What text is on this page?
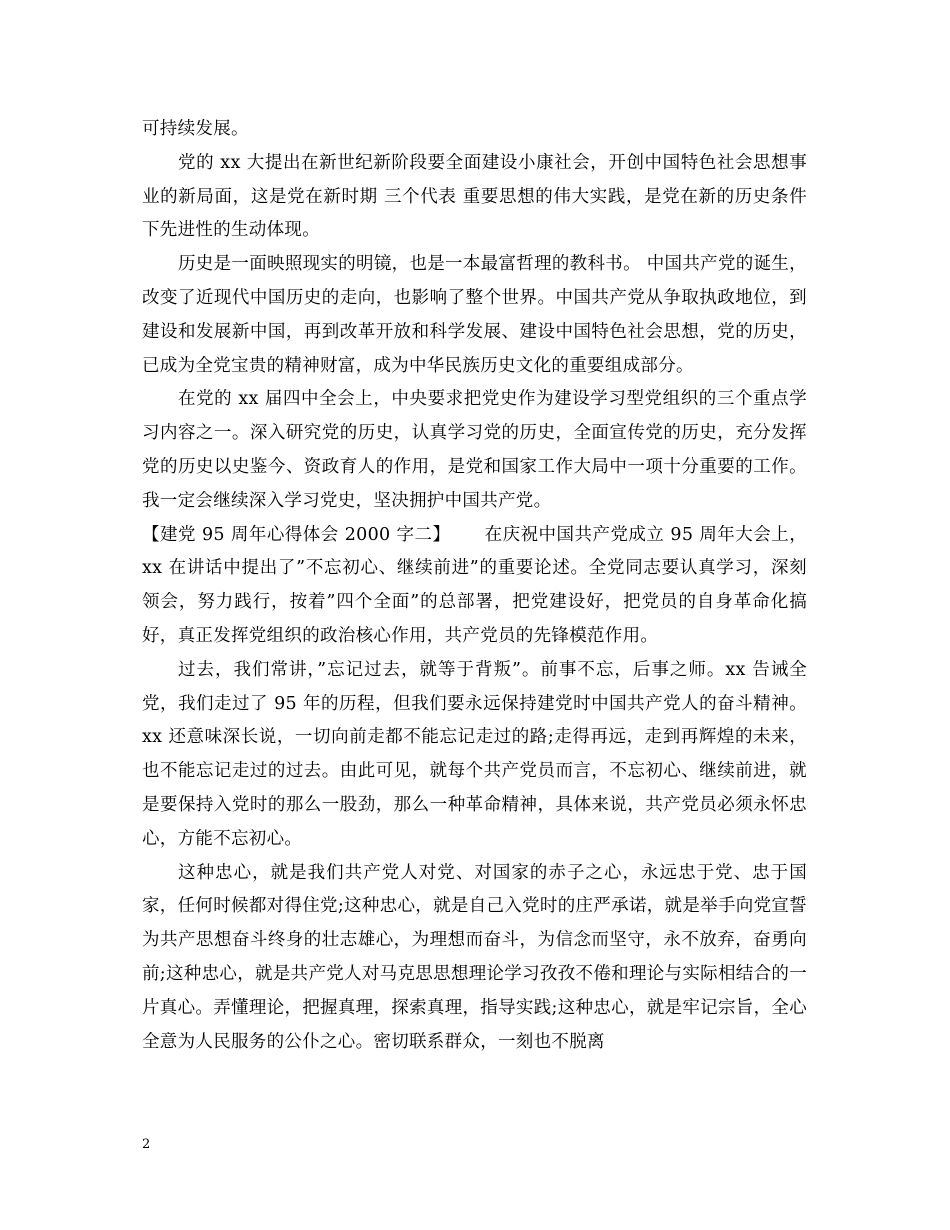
可持续发展。

党的 xx 大提出在新世纪新阶段要全面建设小康社会，开创中国特色社会思想事业的新局面，这是党在新时期 三个代表 重要思想的伟大实践，是党在新的历史条件下先进性的生动体现。

历史是一面映照现实的明镜，也是一本最富哲理的教科书。 中国共产党的诞生，改变了近现代中国历史的走向，也影响了整个世界。中国共产党从争取执政地位，到建设和发展新中国，再到改革开放和科学发展、建设中国特色社会思想，党的历史，已成为全党宝贵的精神财富，成为中华民族历史文化的重要组成部分。

在党的 xx 届四中全会上，中央要求把党史作为建设学习型党组织的三个重点学习内容之一。深入研究党的历史，认真学习党的历史，全面宣传党的历史，充分发挥党的历史以史鉴今、资政育人的作用，是党和国家工作大局中一项十分重要的工作。我一定会继续深入学习党史，坚决拥护中国共产党。

【建党 95 周年心得体会 2000 字二】 在庆祝中国共产党成立 95 周年大会上，xx 在讲话中提出了”不忘初心、继续前进”的重要论述。全党同志要认真学习，深刻领会，努力践行，按着”四个全面”的总部署，把党建设好，把党员的自身革命化搞好，真正发挥党组织的政治核心作用，共产党员的先锋模范作用。

过去，我们常讲，”忘记过去，就等于背叛”。前事不忘，后事之师。xx 告诫全党，我们走过了 95 年的历程，但我们要永远保持建党时中国共产党人的奋斗精神。xx 还意味深长说，一切向前走都不能忘记走过的路;走得再远，走到再辉煌的未来，也不能忘记走过的过去。由此可见，就每个共产党员而言，不忘初心、继续前进，就是要保持入党时的那么一股劲，那么一种革命精神，具体来说，共产党员必须永怀忠心，方能不忘初心。

这种忠心，就是我们共产党人对党、对国家的赤子之心，永远忠于党、忠于国家，任何时候都对得住党;这种忠心，就是自己入党时的庄严承诺，就是举手向党宣誓为共产思想奋斗终身的壮志雄心，为理想而奋斗，为信念而坚守，永不放弃，奋勇向前;这种忠心，就是共产党人对马克思思想理论学习孜孜不倦和理论与实际相结合的一片真心。弄懂理论，把握真理，探索真理，指导实践;这种忠心，就是牢记宗旨，全心全意为人民服务的公仆之心。密切联系群众，一刻也不脱离

2
